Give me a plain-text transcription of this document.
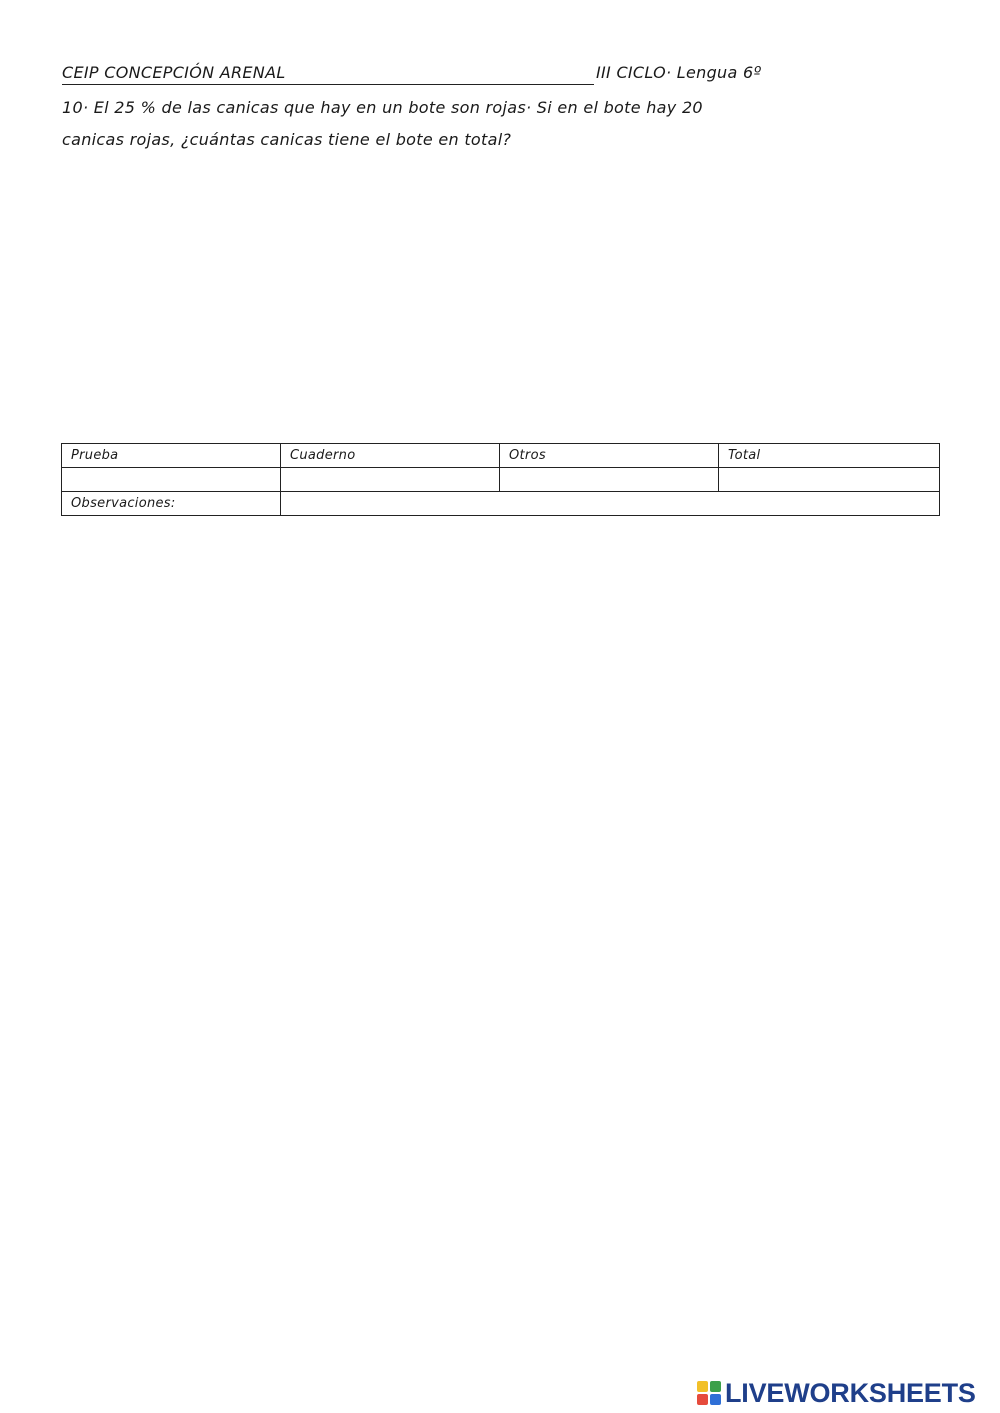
CEIP CONCEPCIÓN ARENAL	III CICLO· Lengua 6º
10· El 25 % de las canicas que hay en un bote son rojas· Si en el bote hay 20
canicas rojas, ¿cuántas canicas tiene el bote en total?
Prueba	Cuaderno	Otros	Total

Observaciones:			
LIVEWORKSHEETS
